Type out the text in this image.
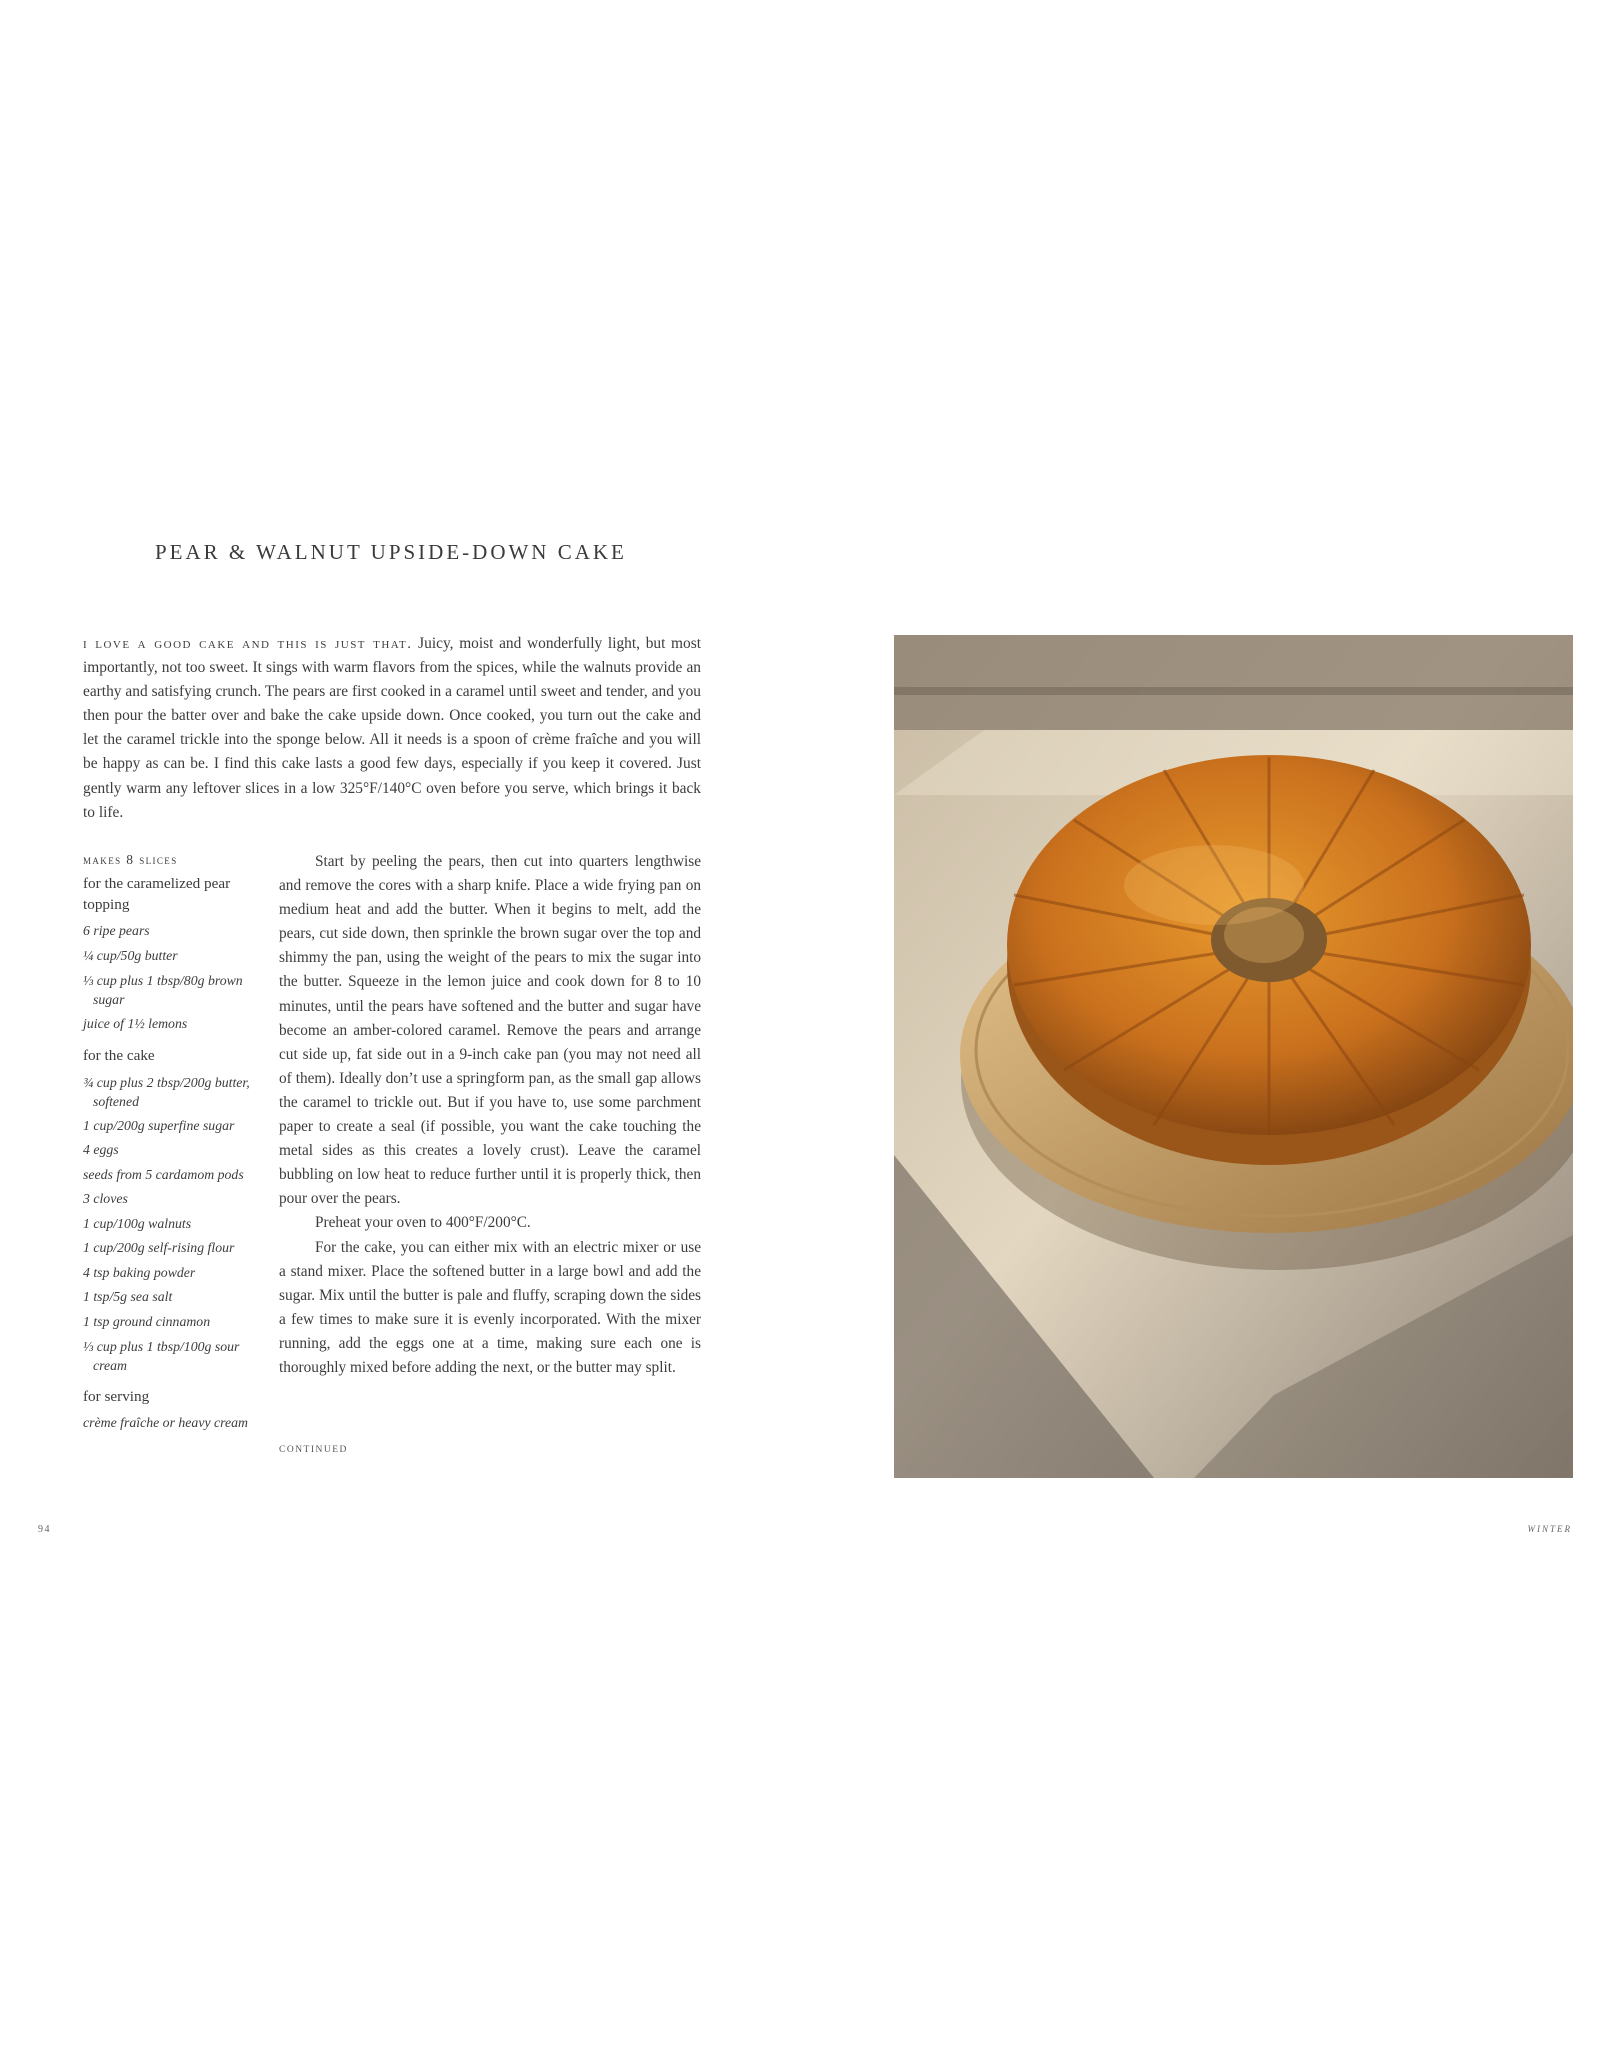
PEAR & WALNUT UPSIDE-DOWN CAKE
i love a good cake and this is just that. Juicy, moist and wonderfully light, but most importantly, not too sweet. It sings with warm flavors from the spices, while the walnuts provide an earthy and satisfying crunch. The pears are first cooked in a caramel until sweet and tender, and you then pour the batter over and bake the cake upside down. Once cooked, you turn out the cake and let the caramel trickle into the sponge below. All it needs is a spoon of crème fraîche and you will be happy as can be. I find this cake lasts a good few days, especially if you keep it covered. Just gently warm any leftover slices in a low 325°F/140°C oven before you serve, which brings it back to life.
makes 8 slices
for the caramelized pear topping
6 ripe pears
¼ cup/50g butter
⅓ cup plus 1 tbsp/80g brown sugar
juice of 1½ lemons
for the cake
¾ cup plus 2 tbsp/200g butter, softened
1 cup/200g superfine sugar
4 eggs
seeds from 5 cardamom pods
3 cloves
1 cup/100g walnuts
1 cup/200g self-rising flour
4 tsp baking powder
1 tsp/5g sea salt
1 tsp ground cinnamon
⅓ cup plus 1 tbsp/100g sour cream
for serving
crème fraîche or heavy cream

Start by peeling the pears, then cut into quarters lengthwise and remove the cores with a sharp knife. Place a wide frying pan on medium heat and add the butter. When it begins to melt, add the pears, cut side down, then sprinkle the brown sugar over the top and shimmy the pan, using the weight of the pears to mix the sugar into the butter. Squeeze in the lemon juice and cook down for 8 to 10 minutes, until the pears have softened and the butter and sugar have become an amber-colored caramel. Remove the pears and arrange cut side up, fat side out in a 9-inch cake pan (you may not need all of them). Ideally don’t use a springform pan, as the small gap allows the caramel to trickle out. But if you have to, use some parchment paper to create a seal (if possible, you want the cake touching the metal sides as this creates a lovely crust). Leave the caramel bubbling on low heat to reduce further until it is properly thick, then pour over the pears.

Preheat your oven to 400°F/200°C.

For the cake, you can either mix with an electric mixer or use a stand mixer. Place the softened butter in a large bowl and add the sugar. Mix until the butter is pale and fluffy, scraping down the sides a few times to make sure it is evenly incorporated. With the mixer running, add the eggs one at a time, making sure each one is thoroughly mixed before adding the next, or the butter may split.

CONTINUED
94	WINTER
